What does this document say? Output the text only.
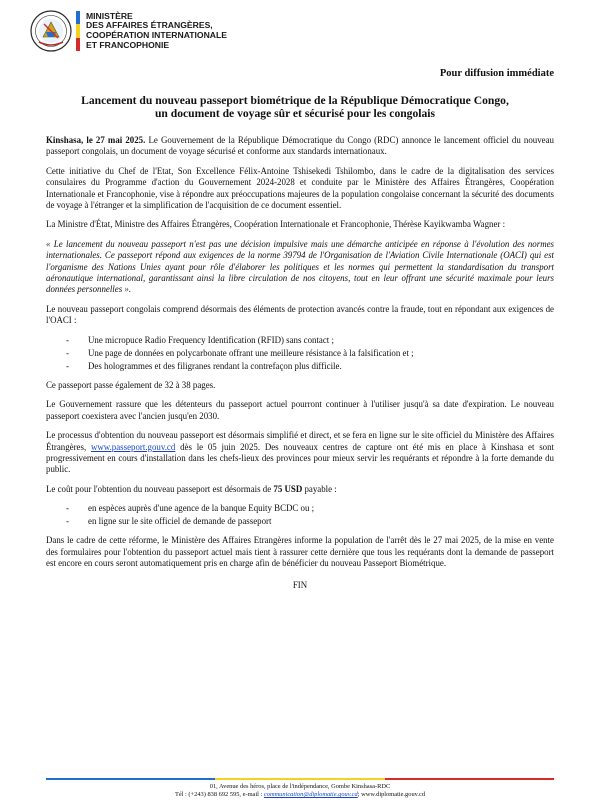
MINISTÈRE
DES AFFAIRES ÉTRANGÈRES,
COOPÉRATION INTERNATIONALE
ET FRANCOPHONIE
Pour diffusion immédiate
Lancement du nouveau passeport biométrique de la République Démocratique Congo,
un document de voyage sûr et sécurisé pour les congolais

Kinshasa, le 27 mai 2025. Le Gouvernement de la République Démocratique du Congo (RDC) annonce le lancement officiel du nouveau passeport congolais, un document de voyage sécurisé et conforme aux standards internationaux.

Cette initiative du Chef de l'Etat, Son Excellence Félix-Antoine Tshisekedi Tshilombo, dans le cadre de la digitalisation des services consulaires du Programme d'action du Gouvernement 2024-2028 et conduite par le Ministère des Affaires Étrangères, Coopération Internationale et Francophonie, vise à répondre aux préoccupations majeures de la population congolaise concernant la sécurité des documents de voyage à l'étranger et la simplification de l'acquisition de ce document essentiel.

La Ministre d'État, Ministre des Affaires Étrangères, Coopération Internationale et Francophonie, Thérèse Kayikwamba Wagner :

« Le lancement du nouveau passeport n'est pas une décision impulsive mais une démarche anticipée en réponse à l'évolution des normes internationales. Ce passeport répond aux exigences de la norme 39794 de l'Organisation de l'Aviation Civile Internationale (OACI) qui est l'organisme des Nations Unies ayant pour rôle d'élaborer les politiques et les normes qui permettent la standardisation du transport aéronautique international, garantissant ainsi la libre circulation de nos citoyens, tout en leur offrant une sécurité maximale pour leurs données personnelles ».

Le nouveau passeport congolais comprend désormais des éléments de protection avancés contre la fraude, tout en répondant aux exigences de l'OACI :

- Une micropuce Radio Frequency Identification (RFID) sans contact ;
- Une page de données en polycarbonate offrant une meilleure résistance à la falsification et ;
- Des hologrammes et des filigranes rendant la contrefaçon plus difficile.

Ce passeport passe également de 32 à 38 pages.

Le Gouvernement rassure que les détenteurs du passeport actuel pourront continuer à l'utiliser jusqu'à sa date d'expiration. Le nouveau passeport coexistera avec l'ancien jusqu'en 2030.

Le processus d'obtention du nouveau passeport est désormais simplifié et direct, et se fera en ligne sur le site officiel du Ministère des Affaires Étrangères, www.passeport.gouv.cd dès le 05 juin 2025. Des nouveaux centres de capture ont été mis en place à Kinshasa et sont progressivement en cours d'installation dans les chefs-lieux des provinces pour mieux servir les requérants et répondre à la forte demande du public.

Le coût pour l'obtention du nouveau passeport est désormais de 75 USD payable :

- en espèces auprès d'une agence de la banque Equity BCDC ou ;
- en ligne sur le site officiel de demande de passeport

Dans le cadre de cette réforme, le Ministère des Affaires Etrangères informe la population de l'arrêt dès le 27 mai 2025, de la mise en vente des formulaires pour l'obtention du passeport actuel mais tient à rassurer cette dernière que tous les requérants dont la demande de passeport est encore en cours seront automatiquement pris en charge afin de bénéficier du nouveau Passeport Biométrique.

FIN
01, Avenue des héros, place de l'indépendance, Gombe Kinshasa-RDC
Tél : (+243) 838 692 595, e-mail : communication@diplomatie.gouv.cd; www.diplomatie.gouv.cd
